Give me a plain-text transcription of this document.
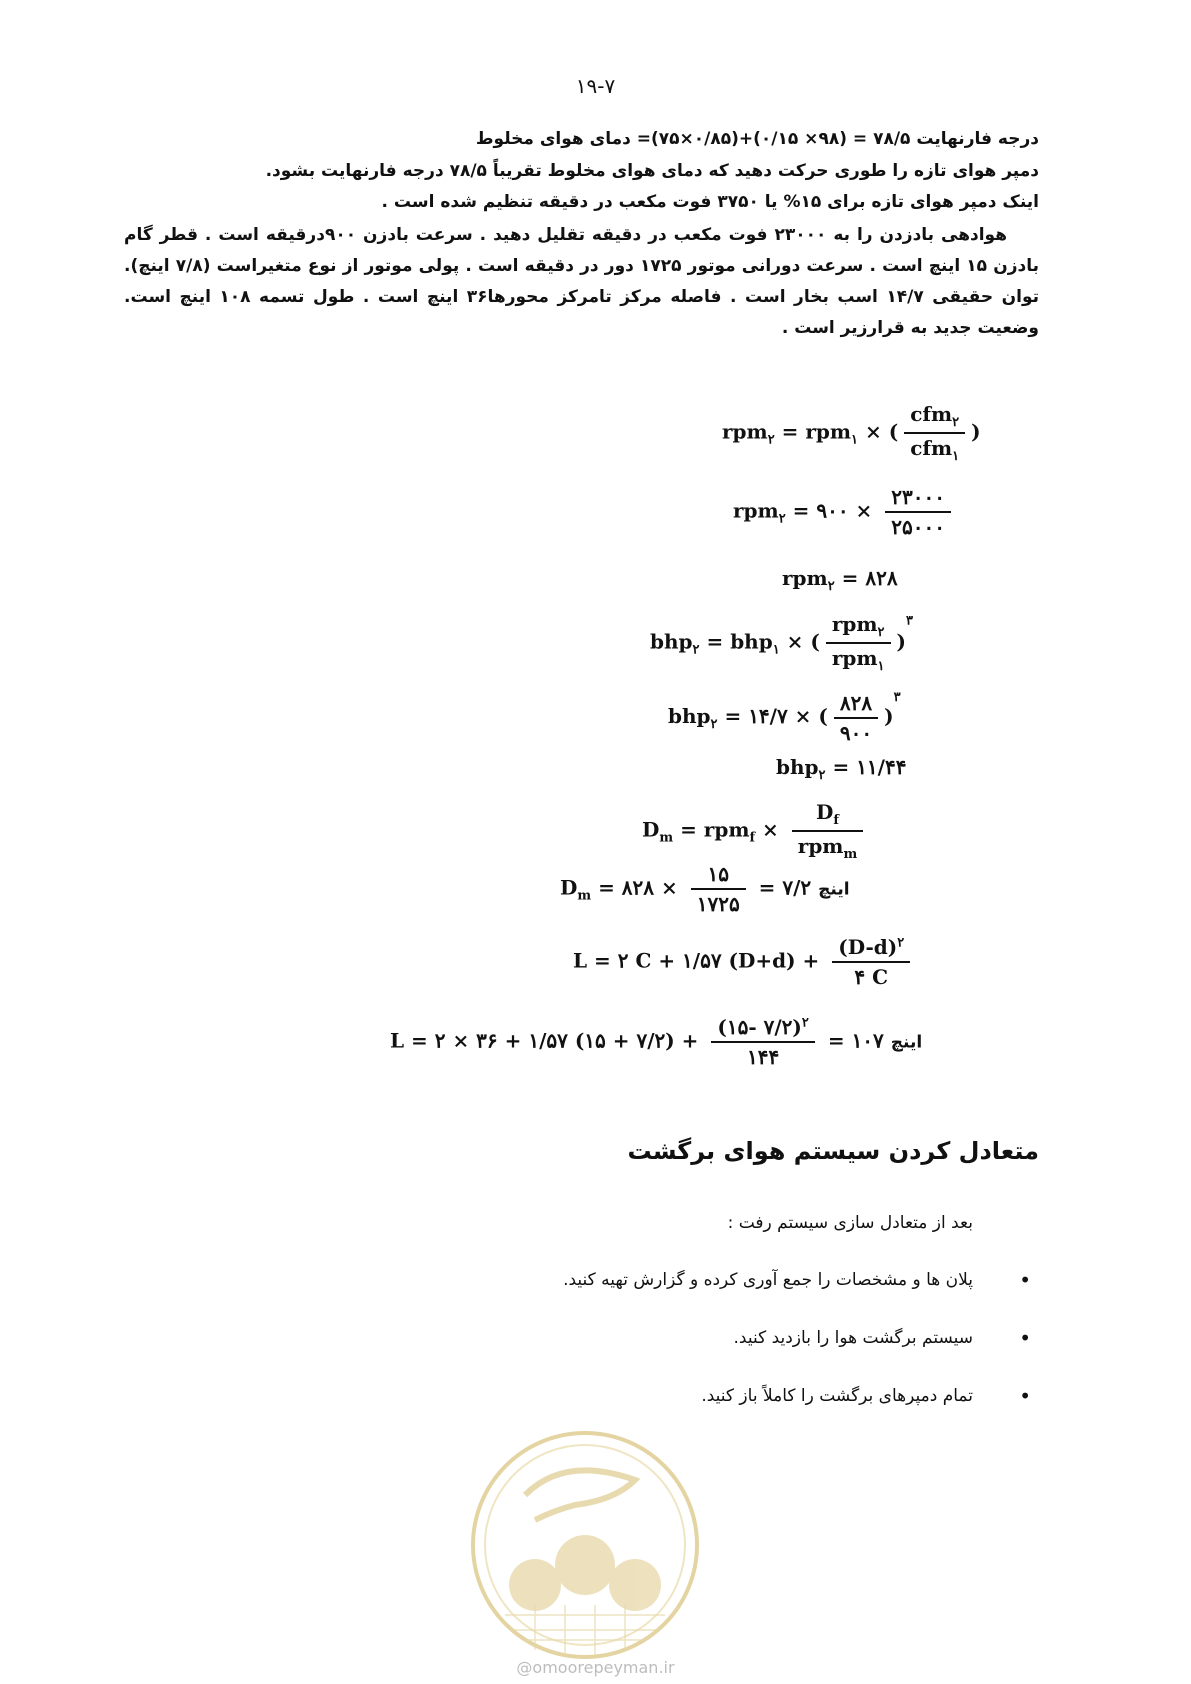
۱۹-۷
درجه فارنهایت ۷۸/۵ = (۹۸× ۰/۱۵)+(۰/۸۵×۷۵)= دمای هوای مخلوط
دمپر هوای تازه را طوری حرکت دهید که دمای هوای مخلوط تقریباً ۷۸/۵ درجه فارنهایت بشود.
اینک دمپر هوای تازه برای ۱۵% یا ۳۷۵۰ فوت مکعب در دقیقه تنظیم شده است .
هوادهی بادزدن را به ۲۳۰۰۰ فوت مکعب در دقیقه تقلیل دهید . سرعت بادزن ۹۰۰درقیقه است . قطر گام بادزن ۱۵ اینچ است . سرعت دورانی موتور ۱۷۲۵ دور در دقیقه است . پولی موتور از نوع متغیراست (۷/۸ اینچ). توان حقیقی ۱۴/۷ اسب بخار است . فاصله مرکز تامرکز محورها۳۶ اینچ است . طول تسمه ۱۰۸ اینچ است. وضعیت جدید به قرارزیر است .
rpm$_۲$ = rpm$_۱$ × ( $\frac{cfm_۲}{cfm_۱}$ )
rpm$_۲$ = ۹۰۰ × $\frac{۲۳۰۰۰}{۲۵۰۰۰}$
rpm$_۲$ = ۸۲۸
bhp$_۲$ = bhp$_۱$ × ( $\frac{rpm_۲}{rpm_۱} )^۳$
bhp$_۲$ = ۱۴/۷ × ( $\frac{۸۲۸}{۹۰۰} )^۳$
bhp$_۲$ = ۱۱/۴۴
$D_m = rpm_f \times \frac{D_f}{rpm_m}$
$D_m$ = ۸۲۸ × $\frac{۱۵}{۱۷۲۵}$ = ۷/۲ اینچ
L = ۲ C + ۱/۵۷ $(D+d) + \frac{(D-d)^۲}{۴ C}$
L = ۲ × ۳۶ + ۱/۵۷ (۱۵ + ۷/۲) + $\frac{(۱۵- ۷/۲)^۲}{۱۴۴}$ = ۱۰۷ اینچ
متعادل کردن سیستم هوای برگشت
بعد از متعادل سازی سیستم رفت :
•
پلان ها و مشخصات را جمع آوری کرده و گزارش تهیه کنید.
•
سیستم برگشت هوا را بازدید کنید.
•
تمام دمپرهای برگشت را کاملاً باز کنید.
@omoorepeyman.ir
